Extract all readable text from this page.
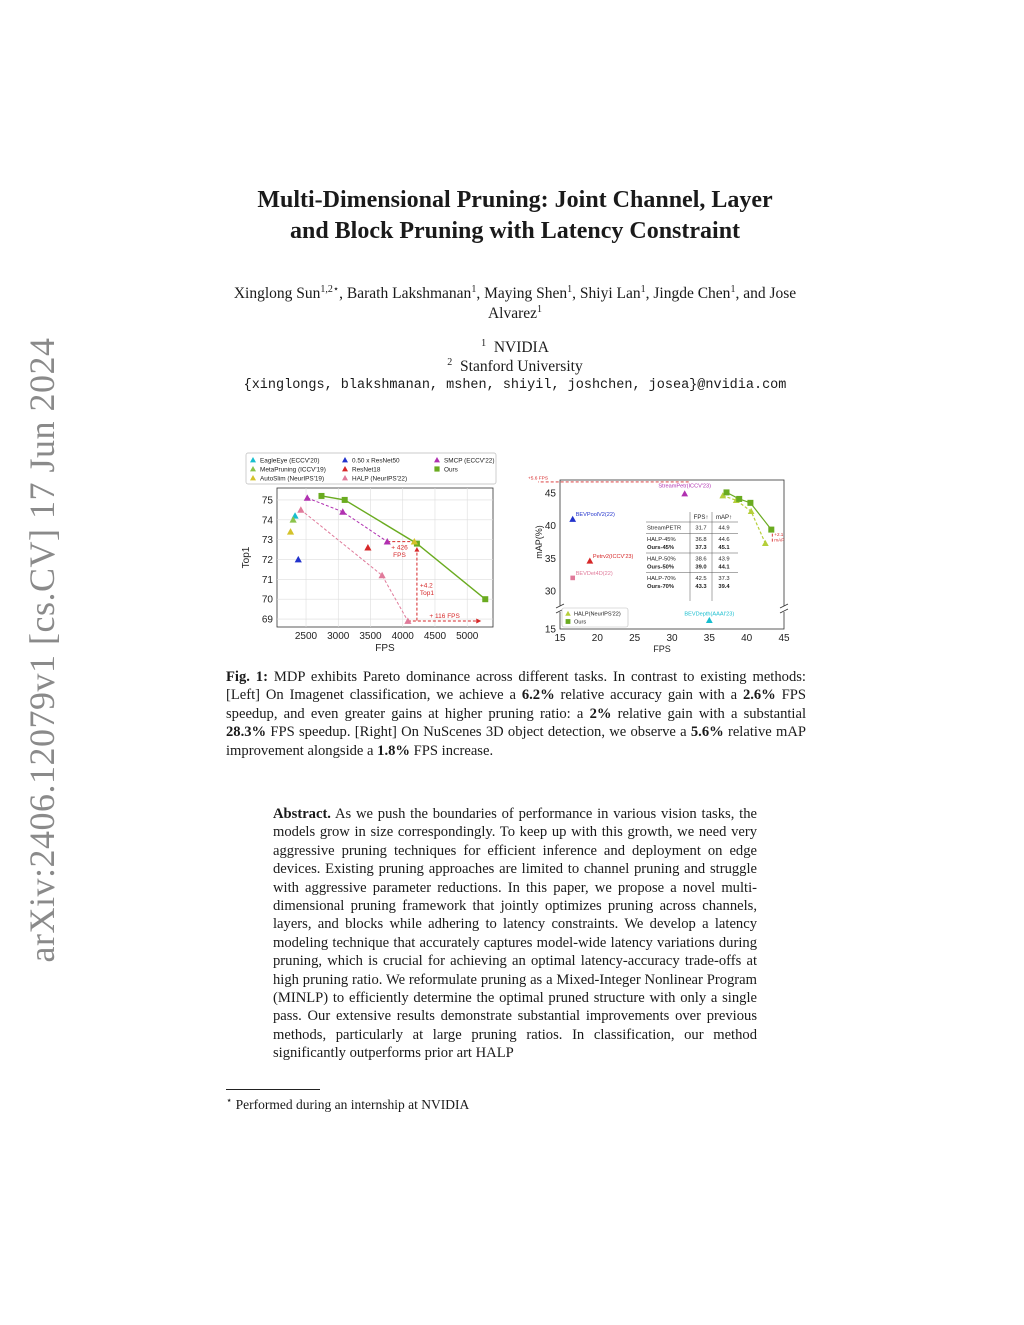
arXiv:2406.12079v1 [cs.CV] 17 Jun 2024
Multi-Dimensional Pruning: Joint Channel, Layer
and Block Pruning with Latency Constraint
Xinglong Sun$^{1,2⋆}$, Barath Lakshmanan$^1$, Maying Shen$^1$, Shiyi Lan$^1$, Jingde Chen$^1$, and Jose Alvarez$^1$
$^1$ NVIDIA
$^2$ Stanford University
{xinglongs, blakshmanan, mshen, shiyil, joshchen, josea}@nvidia.com
EagleEye (ECCV'20)	0.50 x ResNet50	SMCP (ECCV'22)
MetaPruning (ICCV'19)	ResNet18	Ours
AutoSlim (NeurIPS'19)	HALP (NeurIPS'22)
69
70
71
72
73
74
75
2500 3000 3500 4000 4500 5000
FPS
Top1	+ 426
FPS
+4.2
Top1
+ 116 FPS
30
35
40
45
15
15	20	25	30	35	40	45
FPS
mAP(%)
StreamPetr(ICCV'23)
BEVPoolV2(22)
Petrv2(ICCV'23)
BEVDet4D(22)
BEVDepth(AAAI'23)
+5.6 FPS
+2.1
mAP
HALP(NeurIPS'22)
Ours
FPS↑ mAP↑
StreamPETR 31.7 44.9
HALP-45%	36.8 44.6
Ours-45%	37.3 45.1
HALP-50%	38.6 43.9
Ours-50%	39.0 44.1
HALP-70%	42.5 37.3
Ours-70%	43.3 39.4
Fig. 1: MDP exhibits Pareto dominance across different tasks. In contrast to existing methods: [Left] On Imagenet classification, we achieve a 6.2% relative accuracy gain with a 2.6% FPS speedup, and even greater gains at higher pruning ratio: a 2% relative gain with a substantial 28.3% FPS speedup. [Right] On NuScenes 3D object detection, we observe a 5.6% relative mAP improvement alongside a 1.8% FPS increase.
Abstract. As we push the boundaries of performance in various vision tasks, the models grow in size correspondingly. To keep up with this growth, we need very aggressive pruning techniques for efficient inference and deployment on edge devices. Existing pruning approaches are limited to channel pruning and struggle with aggressive parameter reductions. In this paper, we propose a novel multi-dimensional pruning framework that jointly optimizes pruning across channels, layers, and blocks while adhering to latency constraints. We develop a latency modeling technique that accurately captures model-wide latency variations during pruning, which is crucial for achieving an optimal latency-accuracy trade-offs at high pruning ratio. We reformulate pruning as a Mixed-Integer Nonlinear Program (MINLP) to efficiently determine the optimal pruned structure with only a single pass. Our extensive results demonstrate substantial improvements over previous methods, particularly at large pruning ratios. In classification, our method significantly outperforms prior art HALP
⋆ Performed during an internship at NVIDIA
